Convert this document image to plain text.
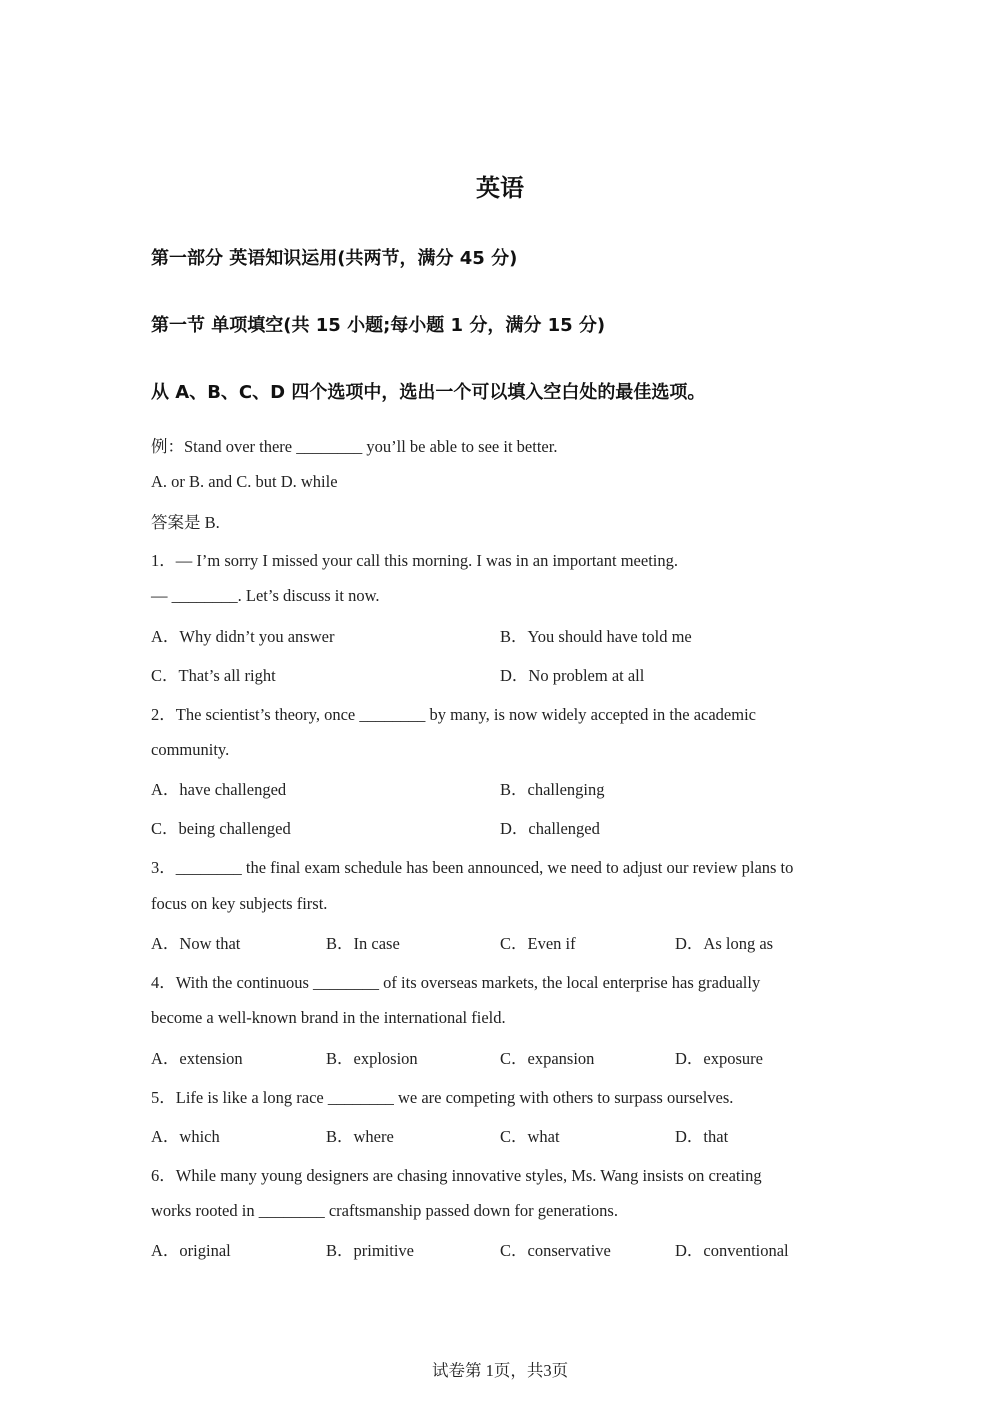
英语
第一部分 英语知识运用(共两节，满分 45 分)
第一节 单项填空(共 15 小题;每小题 1 分，满分 15 分)
从 A、B、C、D 四个选项中，选出一个可以填入空白处的最佳选项。
例：Stand over there ________ you’ll be able to see it better.
A. or B. and C. but D. while
答案是 B.
1．— I’m sorry I missed your call this morning. I was in an important meeting.
— ________. Let’s discuss it now.
A．Why didn’t you answer	B．You should have told me
C．That’s all right	D．No problem at all
2．The scientist’s theory, once ________ by many, is now widely accepted in the academic
community.
A．have challenged	B．challenging
C．being challenged	D．challenged
3．________ the final exam schedule has been announced, we need to adjust our review plans to
focus on key subjects first.
A．Now that	B．In case	C．Even if	D．As long as
4．With the continuous ________ of its overseas markets, the local enterprise has gradually
become a well-known brand in the international field.
A．extension	B．explosion	C．expansion	D．exposure
5．Life is like a long race ________ we are competing with others to surpass ourselves.
A．which	B．where	C．what	D．that
6．While many young designers are chasing innovative styles, Ms. Wang insists on creating
works rooted in ________ craftsmanship passed down for generations.
A．original	B．primitive	C．conservative	D．conventional
试卷第 1页，共3页
